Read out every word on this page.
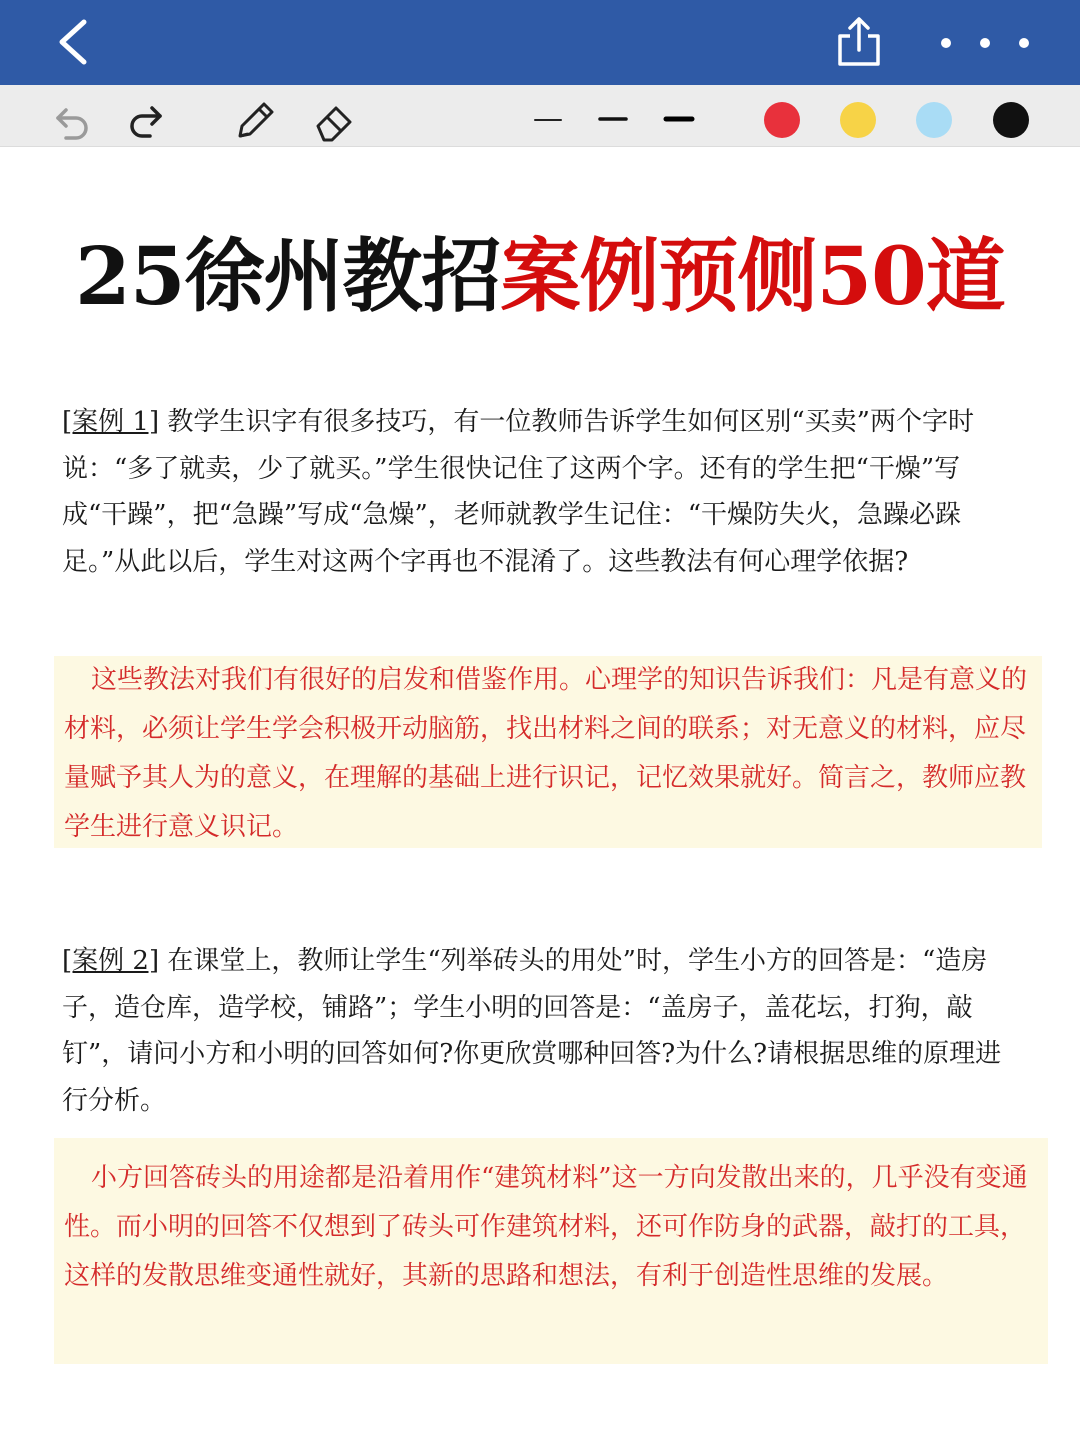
25徐州教招案例预侧50道
[案例 1] 教学生识字有很多技巧，有一位教师告诉学生如何区别“买卖”两个字时说：“多了就卖，少了就买。”学生很快记住了这两个字。还有的学生把“干燥”写成“干躁”，把“急躁”写成“急燥”，老师就教学生记住：“干燥防失火，急躁必跺足。”从此以后，学生对这两个字再也不混淆了。这些教法有何心理学依据?
这些教法对我们有很好的启发和借鉴作用。心理学的知识告诉我们：凡是有意义的材料，必须让学生学会积极开动脑筋，找出材料之间的联系；对无意义的材料，应尽量赋予其人为的意义，在理解的基础上进行识记，记忆效果就好。简言之，教师应教学生进行意义识记。
[案例 2] 在课堂上，教师让学生“列举砖头的用处”时，学生小方的回答是：“造房子，造仓库，造学校，铺路”；学生小明的回答是：“盖房子，盖花坛，打狗，敲钉”，请问小方和小明的回答如何?你更欣赏哪种回答?为什么?请根据思维的原理进行分析。
小方回答砖头的用途都是沿着用作“建筑材料”这一方向发散出来的，几乎没有变通性。而小明的回答不仅想到了砖头可作建筑材料，还可作防身的武器，敲打的工具，这样的发散思维变通性就好，其新的思路和想法，有利于创造性思维的发展。
